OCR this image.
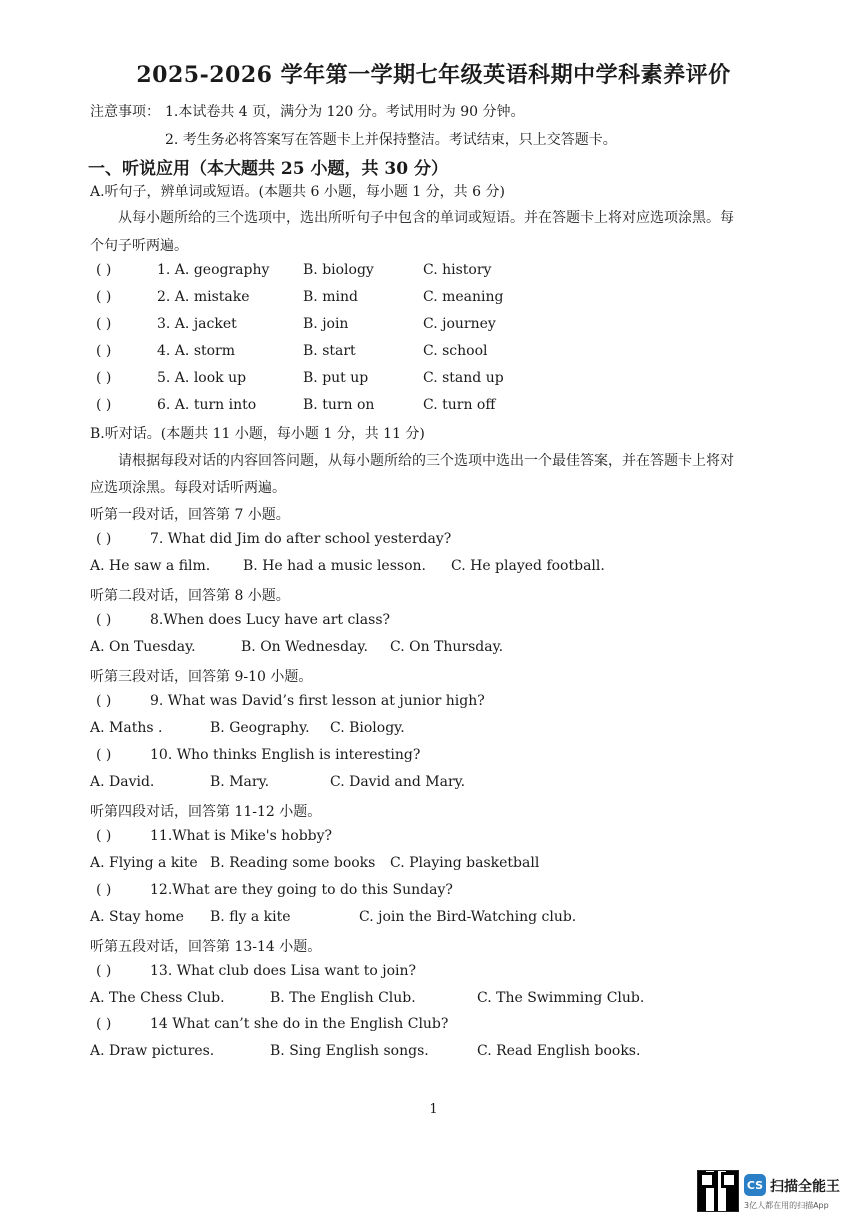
2025-2026 学年第一学期七年级英语科期中学科素养评价
注意事项： 1.本试卷共 4 页，满分为 120 分。考试用时为 90 分钟。
2. 考生务必将答案写在答题卡上并保持整洁。考试结束，只上交答题卡。
一、听说应用（本大题共 25 小题，共 30 分）
A.听句子，辨单词或短语。(本题共 6 小题，每小题 1 分，共 6 分)
从每小题所给的三个选项中，选出所听句子中包含的单词或短语。并在答题卡上将对应选项涂黑。每
个句子听两遍。
( )	1. A. geography B. biology	C. history
( )	2. A. mistake	B. mind	C. meaning
( )	3. A. jacket	B. join	C. journey
( )	4. A. storm	B. start	C. school
( )	5. A. look up	B. put up	C. stand up
( )	6. A. turn into	B. turn on	C. turn off
B.听对话。(本题共 11 小题，每小题 1 分，共 11 分)
请根据每段对话的内容回答问题，从每小题所给的三个选项中选出一个最佳答案，并在答题卡上将对
应选项涂黑。每段对话听两遍。
听第一段对话，回答第 7 小题。
( )	7. What did Jim do after school yesterday?
A. He saw a film. B. He had a music lesson. C. He played football.
听第二段对话，回答第 8 小题。
( )	8.When does Lucy have art class?
A. On Tuesday.	B. On Wednesday. C. On Thursday.
听第三段对话，回答第 9-10 小题。
( )	9. What was David’s first lesson at junior high?
A. Maths .	B. Geography. C. Biology.
( )	10. Who thinks English is interesting?
A. David.	B. Mary.	C. David and Mary.
听第四段对话，回答第 11-12 小题。
( )	11.What is Mike's hobby?
A. Flying a kite B. Reading some books C. Playing basketball
( )	12.What are they going to do this Sunday?
A. Stay home B. fly a kite	C. join the Bird-Watching club.
听第五段对话，回答第 13-14 小题。
( )	13. What club does Lisa want to join?
A. The Chess Club.	B. The English Club.	C. The Swimming Club.
( )	14 What can’t she do in the English Club?
A. Draw pictures.	B. Sing English songs.	C. Read English books.
1
CS 扫描全能王
3亿人都在用的扫描App
